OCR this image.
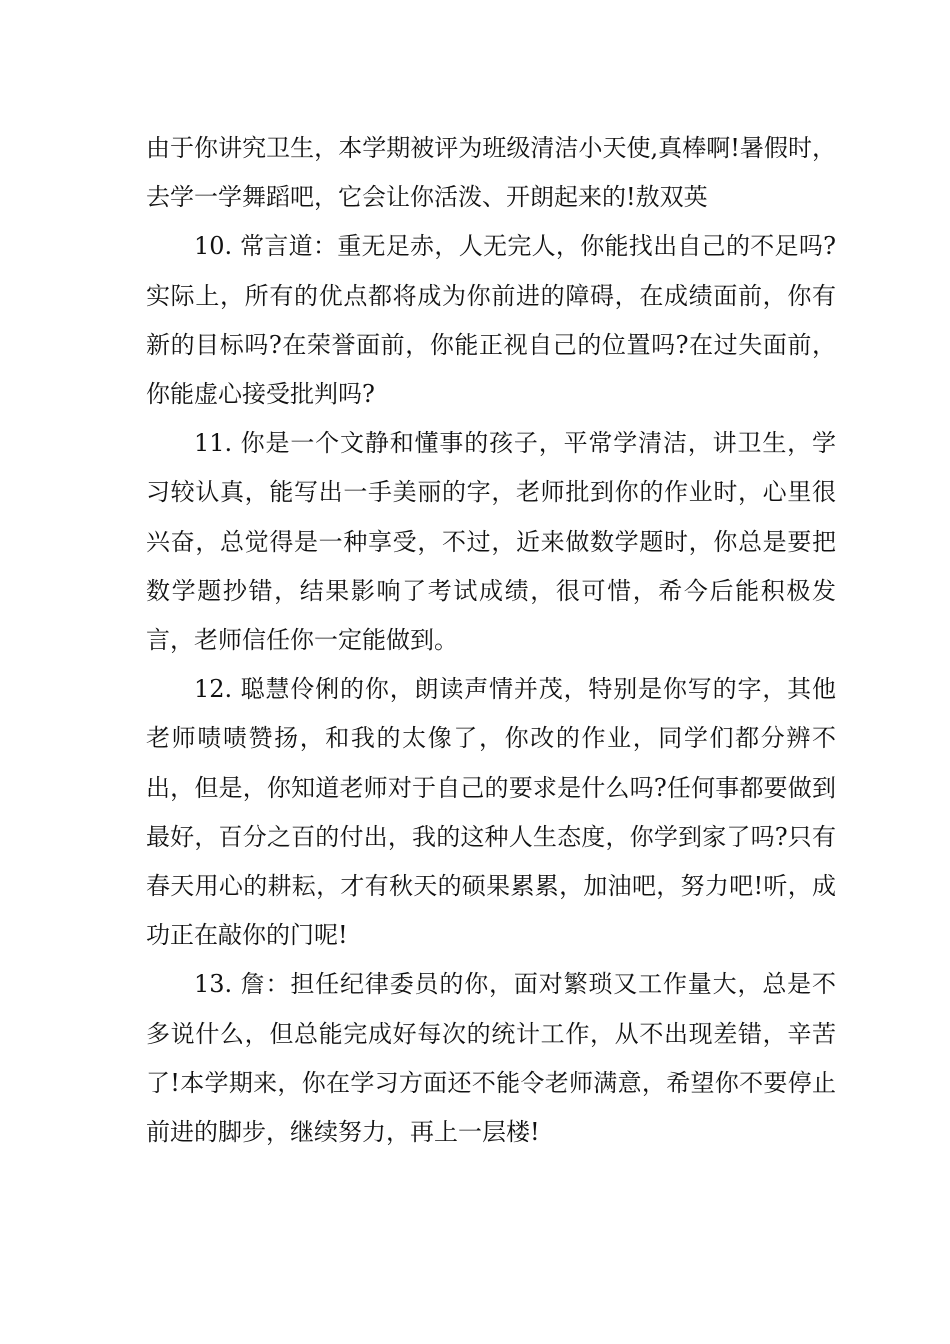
由于你讲究卫生，本学期被评为班级清洁小天使,真棒啊!暑假时，去学一学舞蹈吧，它会让你活泼、开朗起来的!敖双英

10. 常言道：重无足赤，人无完人，你能找出自己的不足吗?实际上，所有的优点都将成为你前进的障碍，在成绩面前，你有新的目标吗?在荣誉面前，你能正视自己的位置吗?在过失面前，你能虚心接受批判吗?

11. 你是一个文静和懂事的孩子，平常学清洁，讲卫生，学习较认真，能写出一手美丽的字，老师批到你的作业时，心里很兴奋，总觉得是一种享受，不过，近来做数学题时，你总是要把数学题抄错，结果影响了考试成绩，很可惜，希今后能积极发言，老师信任你一定能做到。

12. 聪慧伶俐的你，朗读声情并茂，特别是你写的字，其他老师啧啧赞扬，和我的太像了，你改的作业，同学们都分辨不出，但是，你知道老师对于自己的要求是什么吗?任何事都要做到最好，百分之百的付出，我的这种人生态度，你学到家了吗?只有春天用心的耕耘，才有秋天的硕果累累，加油吧，努力吧!听，成功正在敲你的门呢!

13. 詹：担任纪律委员的你，面对繁琐又工作量大，总是不多说什么，但总能完成好每次的统计工作，从不出现差错，辛苦了!本学期来，你在学习方面还不能令老师满意，希望你不要停止前进的脚步，继续努力，再上一层楼!
